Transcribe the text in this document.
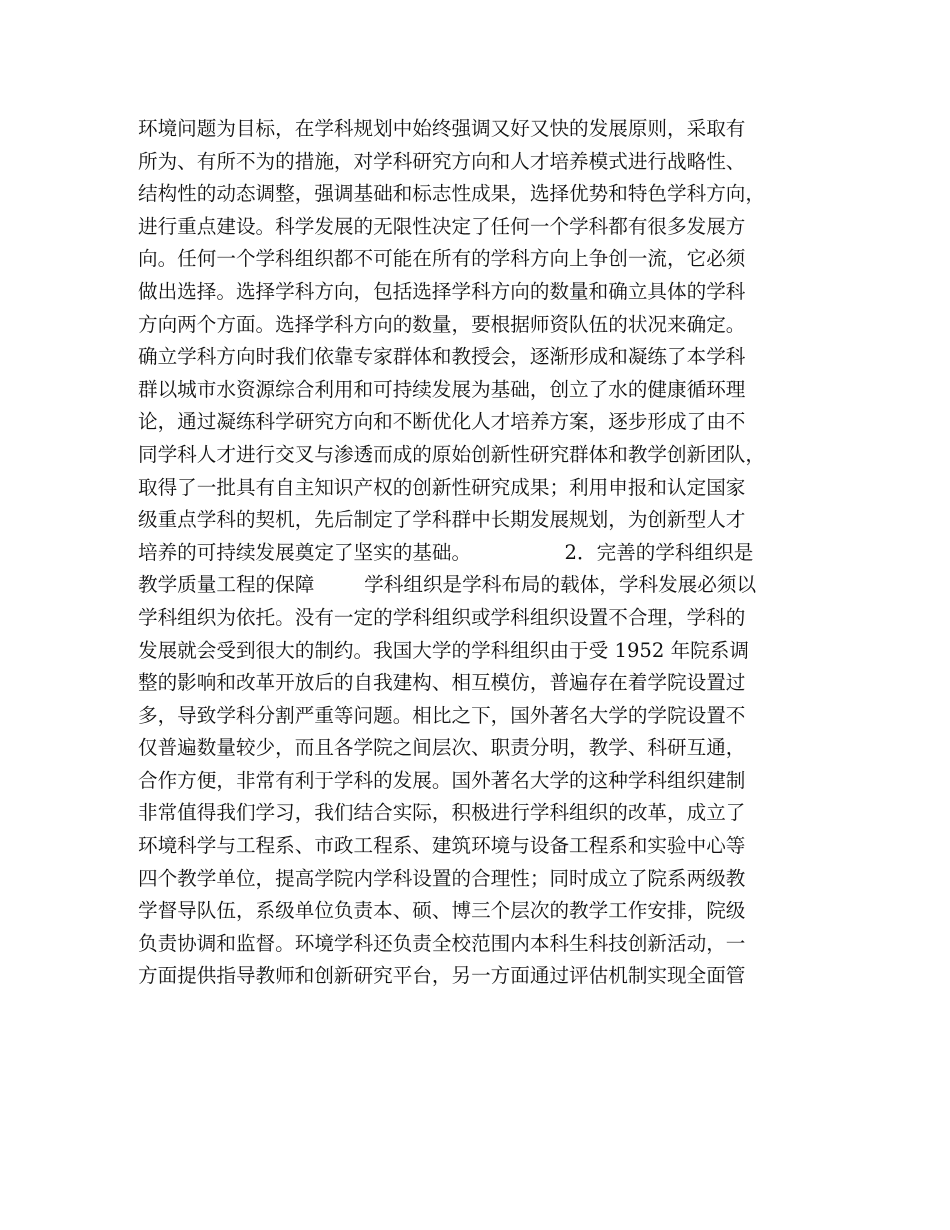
环境问题为目标，在学科规划中始终强调又好又快的发展原则，采取有
所为、有所不为的措施，对学科研究方向和人才培养模式进行战略性、
结构性的动态调整，强调基础和标志性成果，选择优势和特色学科方向，
进行重点建设。科学发展的无限性决定了任何一个学科都有很多发展方
向。任何一个学科组织都不可能在所有的学科方向上争创一流，它必须
做出选择。选择学科方向，包括选择学科方向的数量和确立具体的学科
方向两个方面。选择学科方向的数量，要根据师资队伍的状况来确定。
确立学科方向时我们依靠专家群体和教授会，逐渐形成和凝练了本学科
群以城市水资源综合利用和可持续发展为基础，创立了水的健康循环理
论，通过凝练科学研究方向和不断优化人才培养方案，逐步形成了由不
同学科人才进行交叉与渗透而成的原始创新性研究群体和教学创新团队，
取得了一批具有自主知识产权的创新性研究成果；利用申报和认定国家
级重点学科的契机，先后制定了学科群中长期发展规划，为创新型人才
培养的可持续发展奠定了坚实的基础。               2．完善的学科组织是
教学质量工程的保障        学科组织是学科布局的载体，学科发展必须以
学科组织为依托。没有一定的学科组织或学科组织设置不合理，学科的
发展就会受到很大的制约。我国大学的学科组织由于受 1952 年院系调
整的影响和改革开放后的自我建构、相互模仿，普遍存在着学院设置过
多，导致学科分割严重等问题。相比之下，国外著名大学的学院设置不
仅普遍数量较少，而且各学院之间层次、职责分明，教学、科研互通，
合作方便，非常有利于学科的发展。国外著名大学的这种学科组织建制
非常值得我们学习，我们结合实际，积极进行学科组织的改革，成立了
环境科学与工程系、市政工程系、建筑环境与设备工程系和实验中心等
四个教学单位，提高学院内学科设置的合理性；同时成立了院系两级教
学督导队伍，系级单位负责本、硕、博三个层次的教学工作安排，院级
负责协调和监督。环境学科还负责全校范围内本科生科技创新活动，一
方面提供指导教师和创新研究平台，另一方面通过评估机制实现全面管
